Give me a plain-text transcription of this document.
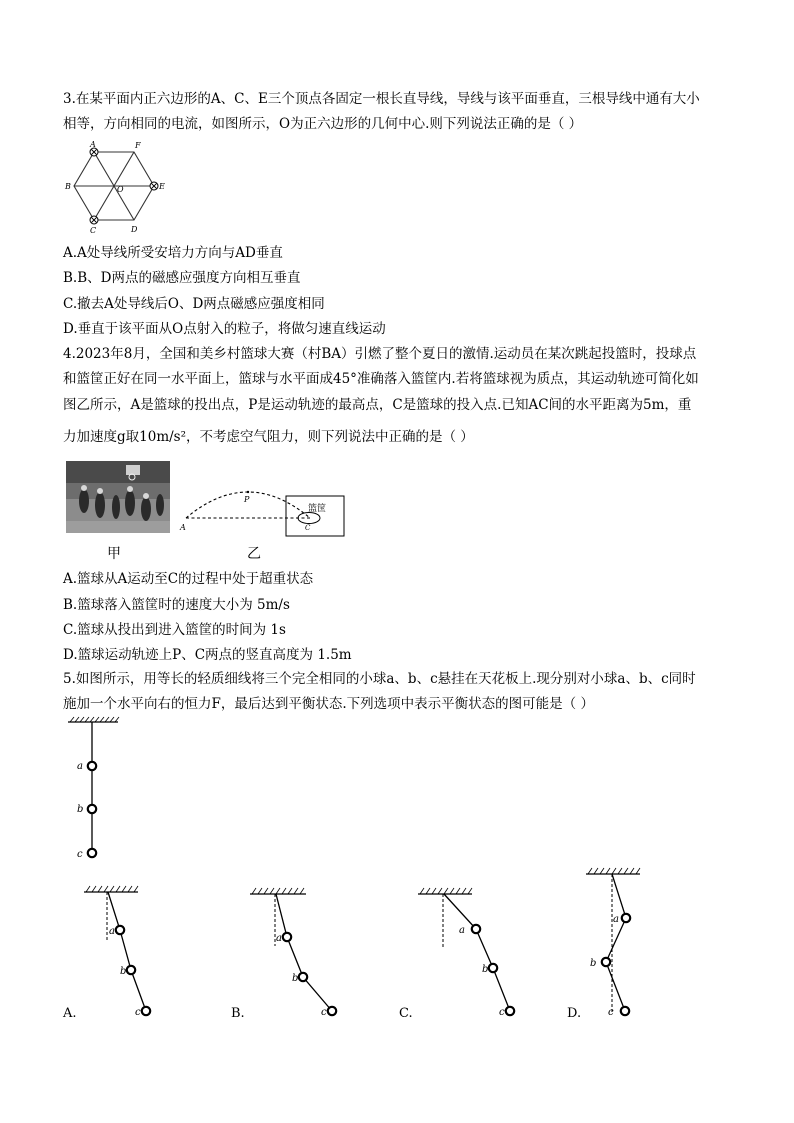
3.在某平面内正六边形的A、C、E三个顶点各固定一根长直导线，导线与该平面垂直，三根导线中通有大小
相等，方向相同的电流，如图所示，O为正六边形的几何中心.则下列说法正确的是（ ）
A	F
B	O	E
C	D
A.A处导线所受安培力方向与AD垂直
B.B、D两点的磁感应强度方向相互垂直
C.撤去A处导线后O、D两点磁感应强度相同
D.垂直于该平面从O点射入的粒子，将做匀速直线运动
4.2023年8月，全国和美乡村篮球大赛（村BA）引燃了整个夏日的激情.运动员在某次跳起投篮时，投球点
和篮筐正好在同一水平面上，篮球与水平面成45°准确落入篮筐内.若将篮球视为质点，其运动轨迹可简化如
图乙所示，A是篮球的投出点，P是运动轨迹的最高点，C是篮球的投入点.已知AC间的水平距离为5m，重
力加速度g取10m/s²，不考虑空气阻力，则下列说法中正确的是（ ）
甲
篮筐
A
P
C
乙
A.篮球从A运动至C的过程中处于超重状态
B.篮球落入篮筐时的速度大小为 5m/s
C.篮球从投出到进入篮筐的时间为 1s
D.篮球运动轨迹上P、C两点的竖直高度为 1.5m
5.如图所示，用等长的轻质细线将三个完全相同的小球a、b、c悬挂在天花板上.现分别对小球a、b、c同时
施加一个水平向右的恒力F，最后达到平衡状态.下列选项中表示平衡状态的图可能是（ ）
a
b
c
a
b
c
A.
a
b
c
B.
a
b
c
C.
a
b
c
D.
